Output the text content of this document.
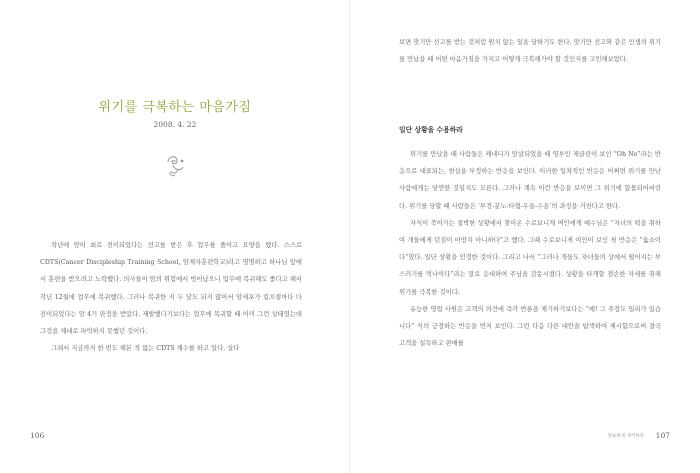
위기를 극복하는 마음가짐
2008. 4. 22

작년에 암이 최로 전이되었다는 선고를 받은 후 업무를 줄이고 요양을 했다. 스스로 CDTS(Cancer Discipleship Training School, 암제자훈련학교)라고 명명하고 하나님 앞에서 훈련을 받으려고 노력했다. 의사들이 암의 위험에서 벗어났으니 업무에 복귀해도 좋다고 해서 작년 12월에 업무에 복귀했다. 그러나 복귀한 지 두 달도 되지 않아서 암세포가 림프절마다 다 전이되었다는 암 4기 판정을 받았다. 재발했다기보다는 업무에 복귀할 때 이미 그런 상태였는데 그것을 제대로 파악하지 못했던 것이다.

그래서 지금까지 한 번도 해본 적 없는 CDTS 재수를 하고 있다. 살다

106

보면 맞기만 선고를 받는 것처럼 원치 않는 일을 당하기도 한다. 맞기만 선고와 같은 인생의 위기를 만났을 때 어떤 마음가짐을 가지고 어떻게 극복해가야 할 것인지를 고민해보았다.

일단 상황을 수용하라

위기를 만났을 때 사람들은 케네디가 암살되었을 때 영부인 재클린이 보인 “Oh No”라는 반응으로 대표되는, 현실을 부정하는 반응을 보인다. 이러한 일차적인 반응은 어쩌면 위기를 만난 사람에게는 당연한 것일지도 모른다. 그러나 계속 이런 반응을 보이면 그 위기에 함몰되어버린다. 위기를 당할 때 사람들은 ‘부정-분노-타협-우울-수용’의 과정을 거친다고 한다.

자식이 죽어가는 절박한 상황에서 찾아온 수로보니게 여인에게 예수님은 “자녀의 떡을 취하여 개들에게 던짐이 마땅치 아니하다”고 했다. 그때 수로보니게 여인이 보인 첫 반응은 “옳소이다”였다. 일단 상황을 인정한 것이다. 그리고 나서 “그러나 개들도 자녀들의 상에서 떨어지는 부스러기를 먹나이다”라는 말로 응대하여 주님을 감동시켰다. 상황을 타개할 겸손한 자세를 취해 위기를 극복한 것이다.

유능한 영업 사원은 고객의 의견에 즉각 반론을 제기하기보다는 “예! 그 주장도 일리가 있습니다” 식의 긍정하는 반응을 먼저 보인다. 그런 다음 다른 대안을 탐색하여 제시함으로써 결국 고객을 설득하고 판매를

단순하게 생각하라 107
